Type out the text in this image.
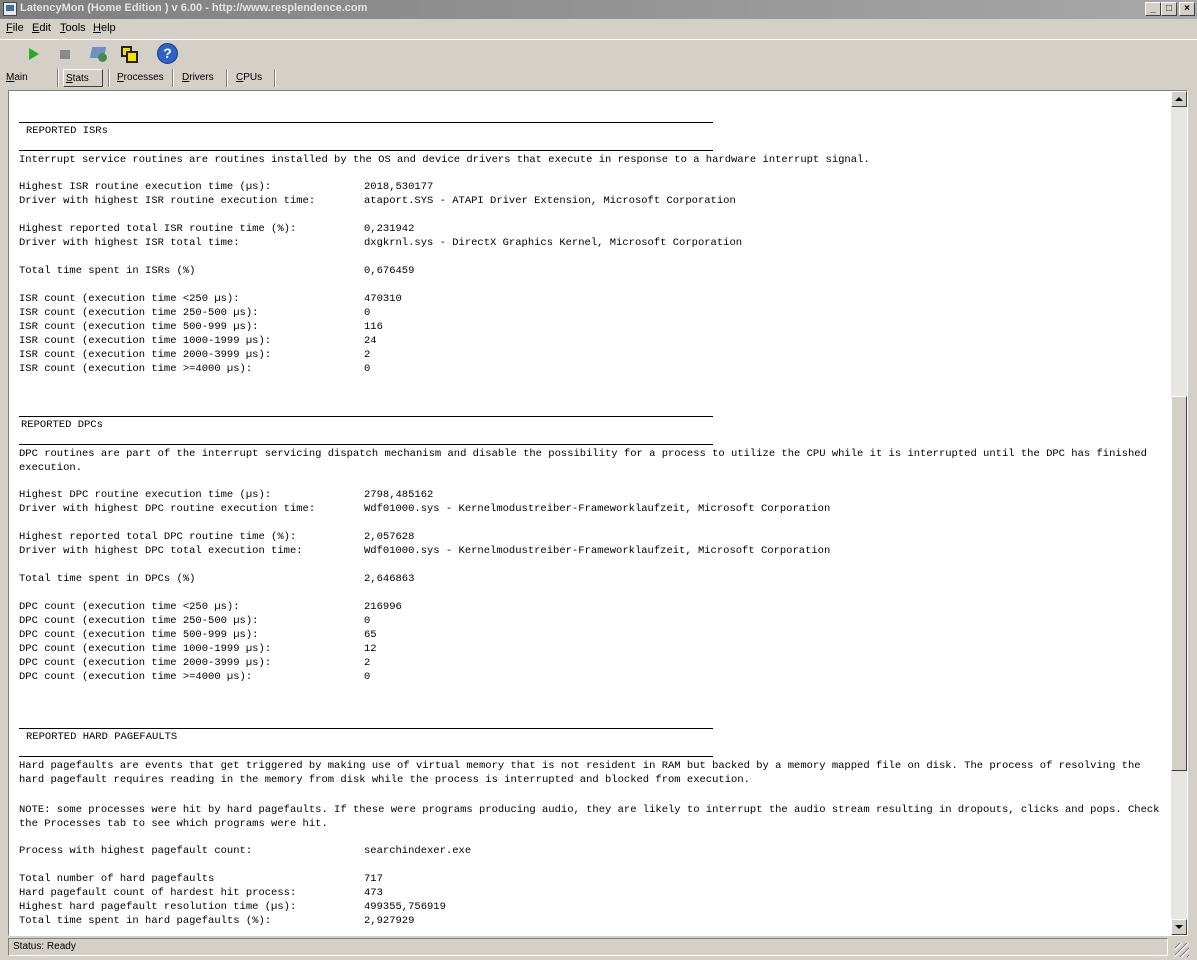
LatencyMon (Home Edition ) v 6.00 - http://www.resplendence.com	_	□	×
File Edit Tools Help
?
Main	Stats	Processes Drivers CPUs
REPORTED ISRs
Interrupt service routines are routines installed by the OS and device drivers that execute in response to a hardware interrupt signal.
Highest ISR routine execution time (µs):	2018,530177
Driver with highest ISR routine execution time:	ataport.SYS - ATAPI Driver Extension, Microsoft Corporation
Highest reported total ISR routine time (%):	0,231942
Driver with highest ISR total time:	dxgkrnl.sys - DirectX Graphics Kernel, Microsoft Corporation
Total time spent in ISRs (%)	0,676459
ISR count (execution time <250 µs):	470310
ISR count (execution time 250-500 µs):	0
ISR count (execution time 500-999 µs):	116
ISR count (execution time 1000-1999 µs):	24
ISR count (execution time 2000-3999 µs):	2
ISR count (execution time >=4000 µs):	0
REPORTED DPCs
DPC routines are part of the interrupt servicing dispatch mechanism and disable the possibility for a process to utilize the CPU while it is interrupted until the DPC has finished execution.
Highest DPC routine execution time (µs):	2798,485162
Driver with highest DPC routine execution time:	Wdf01000.sys - Kernelmodustreiber-Frameworklaufzeit, Microsoft Corporation
Highest reported total DPC routine time (%):	2,057628
Driver with highest DPC total execution time:	Wdf01000.sys - Kernelmodustreiber-Frameworklaufzeit, Microsoft Corporation
Total time spent in DPCs (%)	2,646863
DPC count (execution time <250 µs):	216996
DPC count (execution time 250-500 µs):	0
DPC count (execution time 500-999 µs):	65
DPC count (execution time 1000-1999 µs):	12
DPC count (execution time 2000-3999 µs):	2
DPC count (execution time >=4000 µs):	0
REPORTED HARD PAGEFAULTS
Hard pagefaults are events that get triggered by making use of virtual memory that is not resident in RAM but backed by a memory mapped file on disk. The process of resolving the hard pagefault requires reading in the memory from disk while the process is interrupted and blocked from execution.
NOTE: some processes were hit by hard pagefaults. If these were programs producing audio, they are likely to interrupt the audio stream resulting in dropouts, clicks and pops. Check the Processes tab to see which programs were hit.
Process with highest pagefault count:	searchindexer.exe
Total number of hard pagefaults	717
Hard pagefault count of hardest hit process:	473
Highest hard pagefault resolution time (µs):	499355,756919
Total time spent in hard pagefaults (%):	2,927929
Status: Ready
